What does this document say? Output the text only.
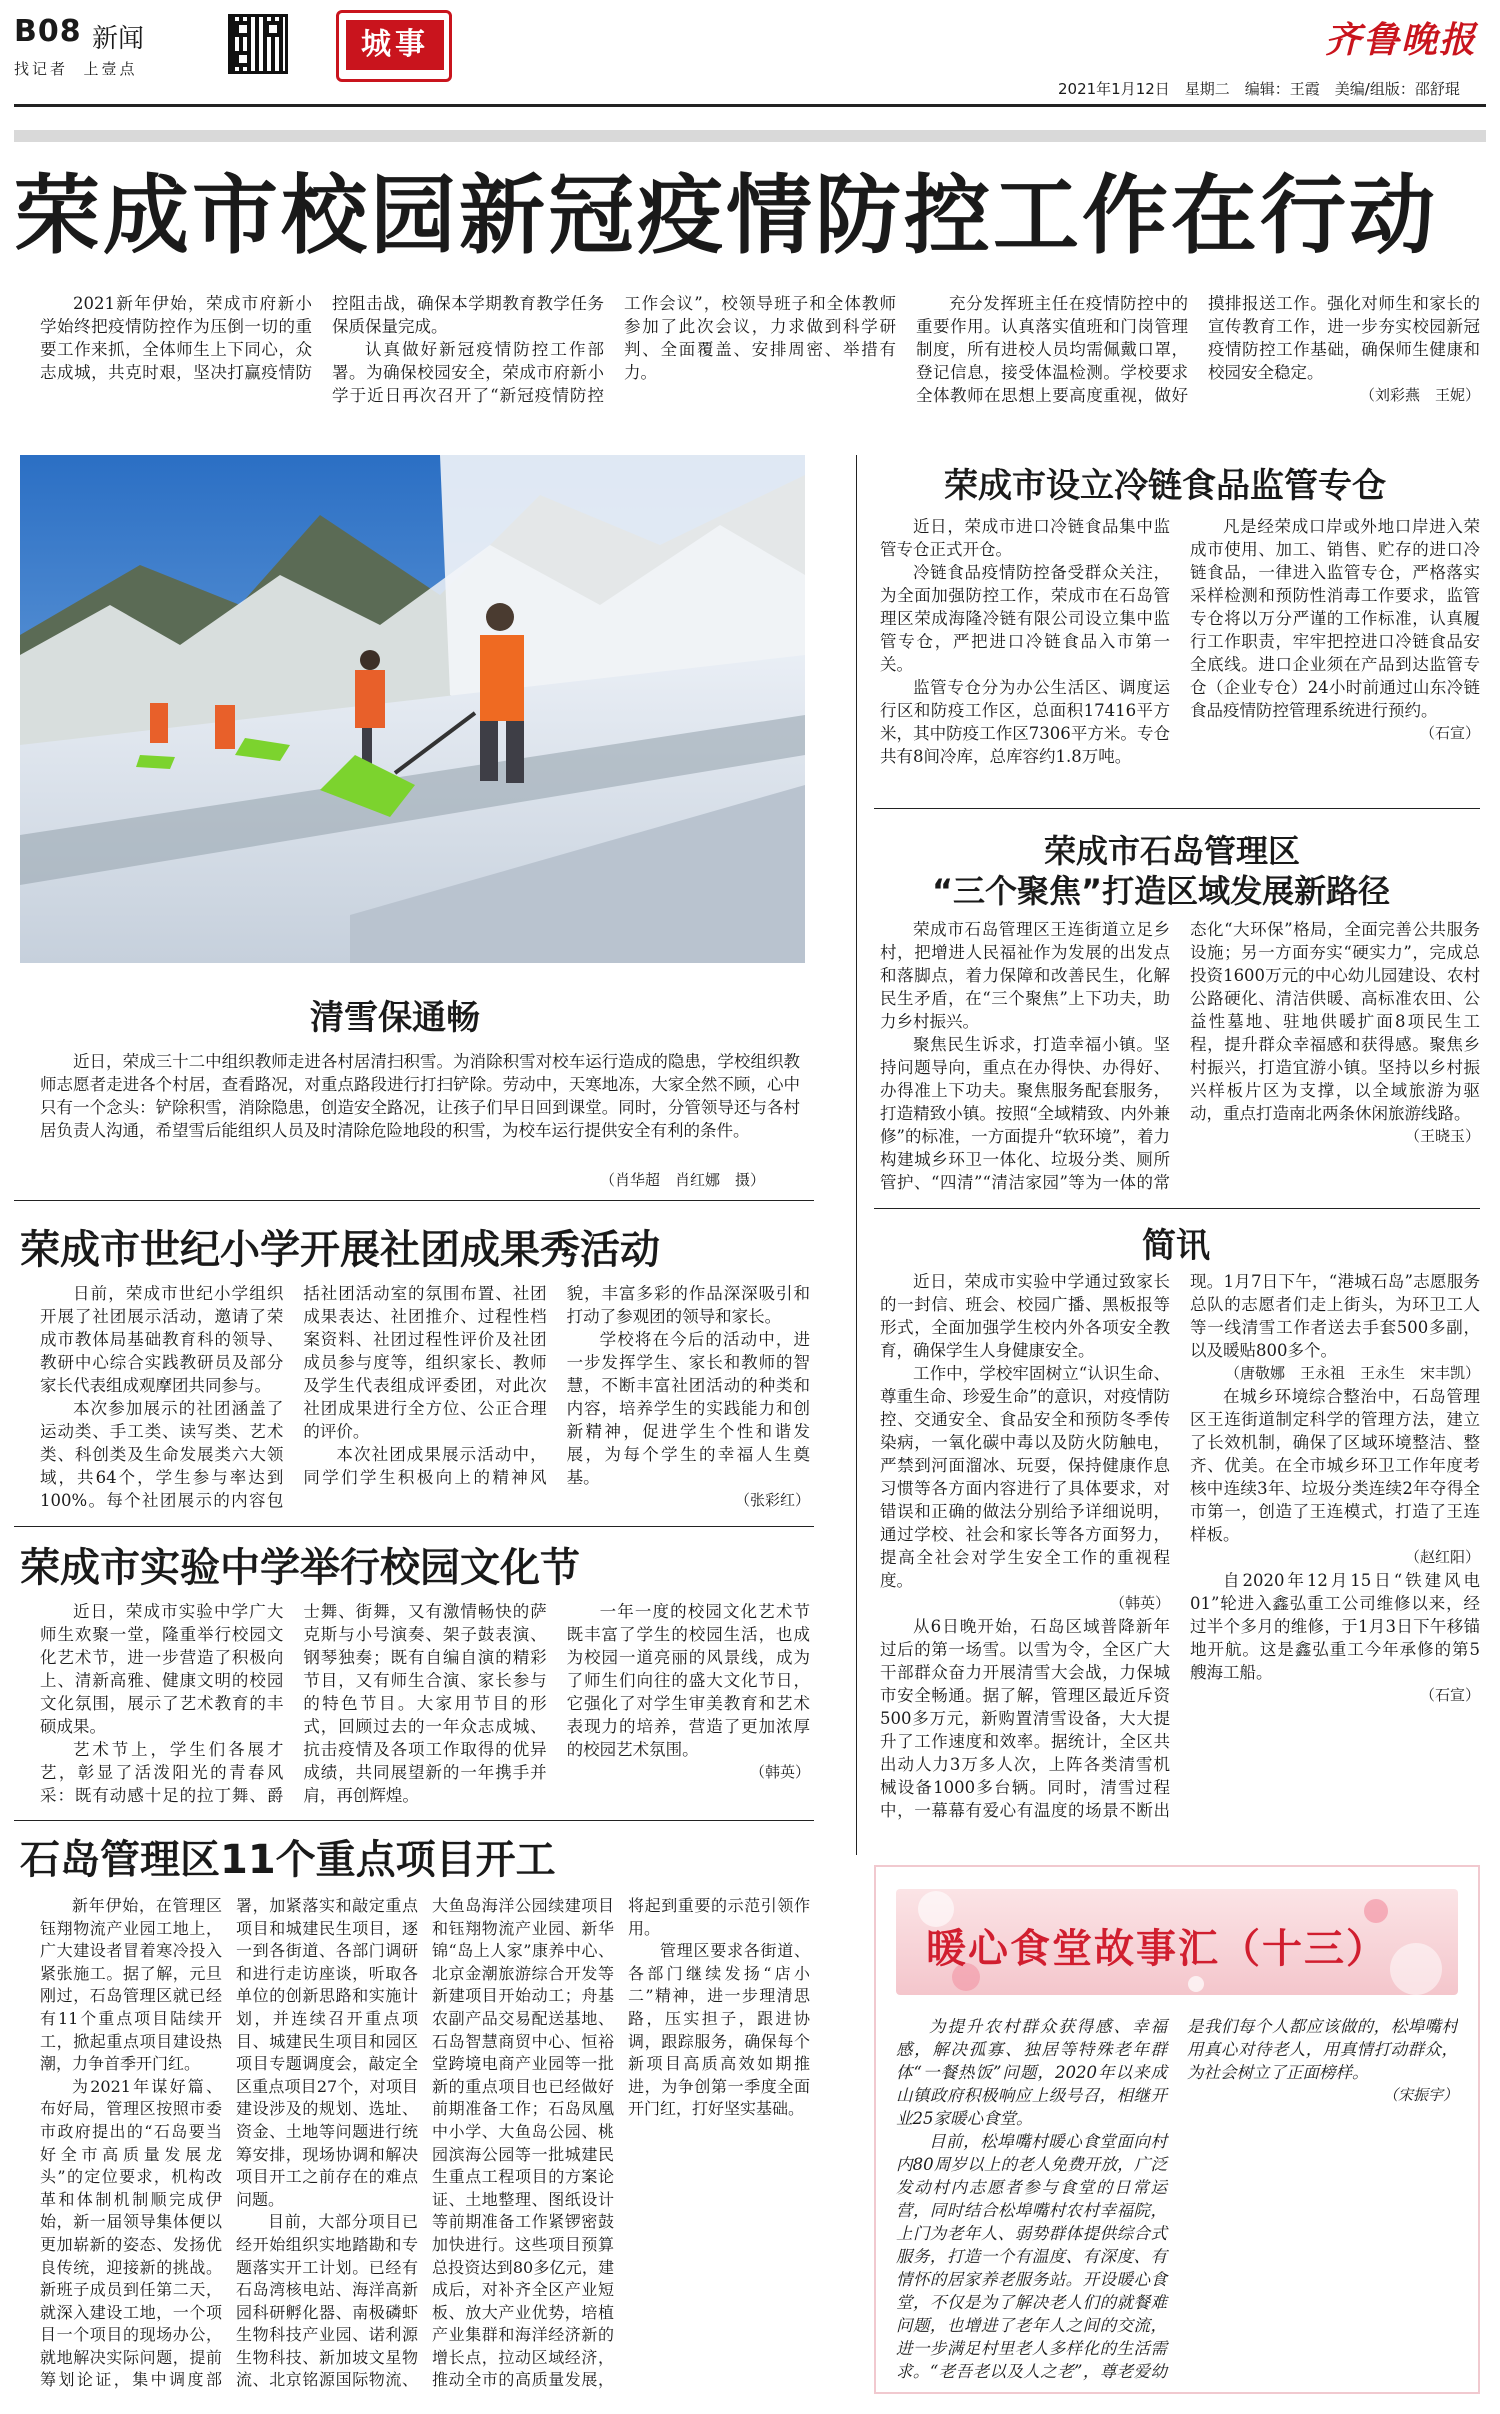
B08 新闻
找记者  上壹点
城事	齐鲁晚报
2021年1月12日　星期二　编辑：王霞　美编/组版：邵舒琨
荣成市校园新冠疫情防控工作在行动

2021新年伊始，荣成市府新小学始终把疫情防控作为压倒一切的重要工作来抓，全体师生上下同心，众志成城，共克时艰，坚决打赢疫情防控阻击战，确保本学期教育教学任务保质保量完成。

认真做好新冠疫情防控工作部署。为确保校园安全，荣成市府新小学于近日再次召开了“新冠疫情防控工作会议”，校领导班子和全体教师参加了此次会议，力求做到科学研判、全面覆盖、安排周密、举措有力。

充分发挥班主任在疫情防控中的重要作用。认真落实值班和门岗管理制度，所有进校人员均需佩戴口罩，登记信息，接受体温检测。学校要求全体教师在思想上要高度重视，做好摸排报送工作。强化对师生和家长的宣传教育工作，进一步夯实校园新冠疫情防控工作基础，确保师生健康和校园安全稳定。

（刘彩燕　王妮）
清雪保通畅

近日，荣成三十二中组织教师走进各村居清扫积雪。为消除积雪对校车运行造成的隐患，学校组织教师志愿者走进各个村居，查看路况，对重点路段进行打扫铲除。劳动中，天寒地冻，大家全然不顾，心中只有一个念头：铲除积雪，消除隐患，创造安全路况，让孩子们早日回到课堂。同时，分管领导还与各村居负责人沟通，希望雪后能组织人员及时清除危险地段的积雪，为校车运行提供安全有利的条件。

（肖华超　肖红娜　摄）
荣成市设立冷链食品监管专仓

近日，荣成市进口冷链食品集中监管专仓正式开仓。

冷链食品疫情防控备受群众关注，为全面加强防控工作，荣成市在石岛管理区荣成海隆冷链有限公司设立集中监管专仓，严把进口冷链食品入市第一关。

监管专仓分为办公生活区、调度运行区和防疫工作区，总面积17416平方米，其中防疫工作区7306平方米。专仓共有8间冷库，总库容约1.8万吨。

凡是经荣成口岸或外地口岸进入荣成市使用、加工、销售、贮存的进口冷链食品，一律进入监管专仓，严格落实采样检测和预防性消毒工作要求，监管专仓将以万分严谨的工作标准，认真履行工作职责，牢牢把控进口冷链食品安全底线。进口企业须在产品到达监管专仓（企业专仓）24小时前通过山东冷链食品疫情防控管理系统进行预约。

（石宣）
荣成市石岛管理区
“三个聚焦”打造区域发展新路径

荣成市石岛管理区王连街道立足乡村，把增进人民福祉作为发展的出发点和落脚点，着力保障和改善民生，化解民生矛盾，在“三个聚焦”上下功夫，助力乡村振兴。

聚焦民生诉求，打造幸福小镇。坚持问题导向，重点在办得快、办得好、办得准上下功夫。聚焦服务配套服务，打造精致小镇。按照“全域精致、内外兼修”的标准，一方面提升“软环境”，着力构建城乡环卫一体化、垃圾分类、厕所管护、“四清”“清洁家园”等为一体的常态化“大环保”格局，全面完善公共服务设施；另一方面夯实“硬实力”，完成总投资1600万元的中心幼儿园建设、农村公路硬化、清洁供暖、高标准农田、公益性墓地、驻地供暖扩面8项民生工程，提升群众幸福感和获得感。聚焦乡村振兴，打造宜游小镇。坚持以乡村振兴样板片区为支撑，以全域旅游为驱动，重点打造南北两条休闲旅游线路。

（王晓玉）
荣成市世纪小学开展社团成果秀活动

日前，荣成市世纪小学组织开展了社团展示活动，邀请了荣成市教体局基础教育科的领导、教研中心综合实践教研员及部分家长代表组成观摩团共同参与。

本次参加展示的社团涵盖了运动类、手工类、读写类、艺术类、科创类及生命发展类六大领域，共64个，学生参与率达到100%。每个社团展示的内容包括社团活动室的氛围布置、社团成果表达、社团推介、过程性档案资料、社团过程性评价及社团成员参与度等，组织家长、教师及学生代表组成评委团，对此次社团成果进行全方位、公正合理的评价。

本次社团成果展示活动中，同学们学生积极向上的精神风貌，丰富多彩的作品深深吸引和打动了参观团的领导和家长。

学校将在今后的活动中，进一步发挥学生、家长和教师的智慧，不断丰富社团活动的种类和内容，培养学生的实践能力和创新精神，促进学生个性和谐发展，为每个学生的幸福人生奠基。

（张彩红）
荣成市实验中学举行校园文化节

近日，荣成市实验中学广大师生欢聚一堂，隆重举行校园文化艺术节，进一步营造了积极向上、清新高雅、健康文明的校园文化氛围，展示了艺术教育的丰硕成果。

艺术节上，学生们各展才艺，彰显了活泼阳光的青春风采：既有动感十足的拉丁舞、爵士舞、街舞，又有激情畅快的萨克斯与小号演奏、架子鼓表演、钢琴独奏；既有自编自演的精彩节目，又有师生合演、家长参与的特色节目。大家用节目的形式，回顾过去的一年众志成城、抗击疫情及各项工作取得的优异成绩，共同展望新的一年携手并肩，再创辉煌。

一年一度的校园文化艺术节既丰富了学生的校园生活，也成为校园一道亮丽的风景线，成为了师生们向往的盛大文化节日，它强化了对学生审美教育和艺术表现力的培养，营造了更加浓厚的校园艺术氛围。

（韩英）
石岛管理区11个重点项目开工

新年伊始，在管理区钰翔物流产业园工地上，广大建设者冒着寒冷投入紧张施工。据了解，元旦刚过，石岛管理区就已经有11个重点项目陆续开工，掀起重点项目建设热潮，力争首季开门红。

为2021年谋好篇、布好局，管理区按照市委市政府提出的“石岛要当好全市高质量发展龙头”的定位要求，机构改革和体制机制顺完成伊始，新一届领导集体便以更加崭新的姿态、发扬优良传统，迎接新的挑战。新班子成员到任第二天，就深入建设工地，一个项目一个项目的现场办公，就地解决实际问题，提前筹划论证，集中调度部署，加紧落实和敲定重点项目和城建民生项目，逐一到各街道、各部门调研和进行走访座谈，听取各单位的创新思路和实施计划，并连续召开重点项目、城建民生项目和园区项目专题调度会，敲定全区重点项目27个，对项目建设涉及的规划、选址、资金、土地等问题进行统筹安排，现场协调和解决项目开工之前存在的难点问题。

目前，大部分项目已经开始组织实地踏勘和专题落实开工计划。已经有石岛湾核电站、海洋高新园科研孵化器、南极磷虾生物科技产业园、诺利源生物科技、新加坡文星物流、北京铭源国际物流、大鱼岛海洋公园续建项目和钰翔物流产业园、新华锦“岛上人家”康养中心、北京金潮旅游综合开发等新建项目开始动工；舟基农副产品交易配送基地、石岛智慧商贸中心、恒裕堂跨境电商产业园等一批新的重点项目也已经做好前期准备工作；石岛凤凰中小学、大鱼岛公园、桃园滨海公园等一批城建民生重点工程项目的方案论证、土地整理、图纸设计等前期准备工作紧锣密鼓加快进行。这些项目预算总投资达到80多亿元，建成后，对补齐全区产业短板、放大产业优势，培植产业集群和海洋经济新的增长点，拉动区域经济，推动全市的高质量发展，将起到重要的示范引领作用。

管理区要求各街道、各部门继续发扬“店小二”精神，进一步理清思路，压实担子，跟进协调，跟踪服务，确保每个新项目高质高效如期推进，为争创第一季度全面开门红，打好坚实基础。

简讯

近日，荣成市实验中学通过致家长的一封信、班会、校园广播、黑板报等形式，全面加强学生校内外各项安全教育，确保学生人身健康安全。

工作中，学校牢固树立“认识生命、尊重生命、珍爱生命”的意识，对疫情防控、交通安全、食品安全和预防冬季传染病，一氧化碳中毒以及防火防触电，严禁到河面溜冰、玩耍，保持健康作息习惯等各方面内容进行了具体要求，对错误和正确的做法分别给予详细说明，通过学校、社会和家长等各方面努力，提高全社会对学生安全工作的重视程度。

（韩英）

从6日晚开始，石岛区域普降新年过后的第一场雪。以雪为令，全区广大干部群众奋力开展清雪大会战，力保城市安全畅通。据了解，管理区最近斥资500多万元，新购置清雪设备，大大提升了工作速度和效率。据统计，全区共出动人力3万多人次，上阵各类清雪机械设备1000多台辆。同时，清雪过程中，一幕幕有爱心有温度的场景不断出现。1月7日下午，“港城石岛”志愿服务总队的志愿者们走上街头，为环卫工人等一线清雪工作者送去手套500多副，以及暖贴800多个。

（唐敬娜　王永祖　王永生　宋丰凯）

在城乡环境综合整治中，石岛管理区王连街道制定科学的管理方法，建立了长效机制，确保了区域环境整洁、整齐、优美。在全市城乡环卫工作年度考核中连续3年、垃圾分类连续2年夺得全市第一，创造了王连模式，打造了王连样板。

（赵红阳）

自2020年12月15日“铁建风电01”轮进入鑫弘重工公司维修以来，经过半个多月的维修，于1月3日下午移锚地开航。这是鑫弘重工今年承修的第5艘海工船。

（石宣）
暖心食堂故事汇（十三）

为提升农村群众获得感、幸福感，解决孤寡、独居等特殊老年群体“一餐热饭”问题，2020年以来成山镇政府积极响应上级号召，相继开业25家暖心食堂。

目前，松埠嘴村暖心食堂面向村内80周岁以上的老人免费开放，广泛发动村内志愿者参与食堂的日常运营，同时结合松埠嘴村农村幸福院，上门为老年人、弱势群体提供综合式服务，打造一个有温度、有深度、有情怀的居家养老服务站。开设暖心食堂，不仅是为了解决老人们的就餐难问题，也增进了老年人之间的交流，进一步满足村里老人多样化的生活需求。“老吾老以及人之老”，尊老爱幼是我们每个人都应该做的，松埠嘴村用真心对待老人，用真情打动群众，为社会树立了正面榜样。

（宋振宇）
